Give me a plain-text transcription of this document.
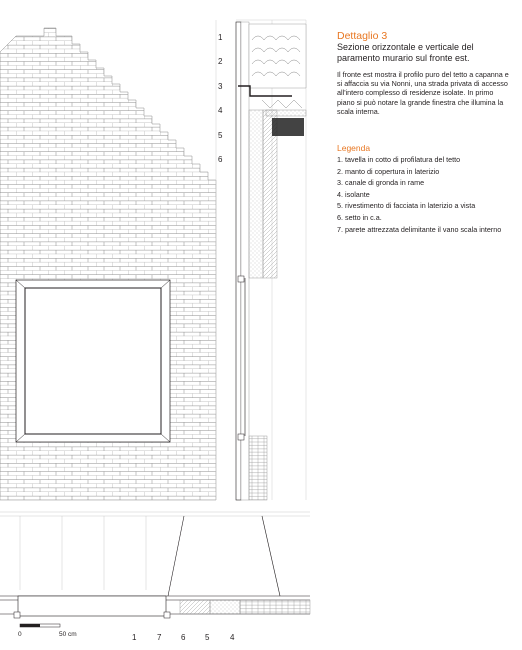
0	50 cm
1
2
3
4
5
6
1	7 6 5	4

Dettaglio 3

Sezione orizzontale e verticale del paramento murario sul fronte est.

Il fronte est mostra il profilo puro del tetto a capanna e si affaccia su via Nonni, una strada privata di accesso all'intero complesso di residenze isolate. In primo piano si può notare la grande finestra che illumina la scala interna.

Legenda

1. tavella in cotto di profilatura del tetto
2. manto di copertura in laterizio
3. canale di gronda in rame
4. isolante
5. rivestimento di facciata in laterizio a vista
6. setto in c.a.
7. parete attrezzata delimitante il vano scala interno
